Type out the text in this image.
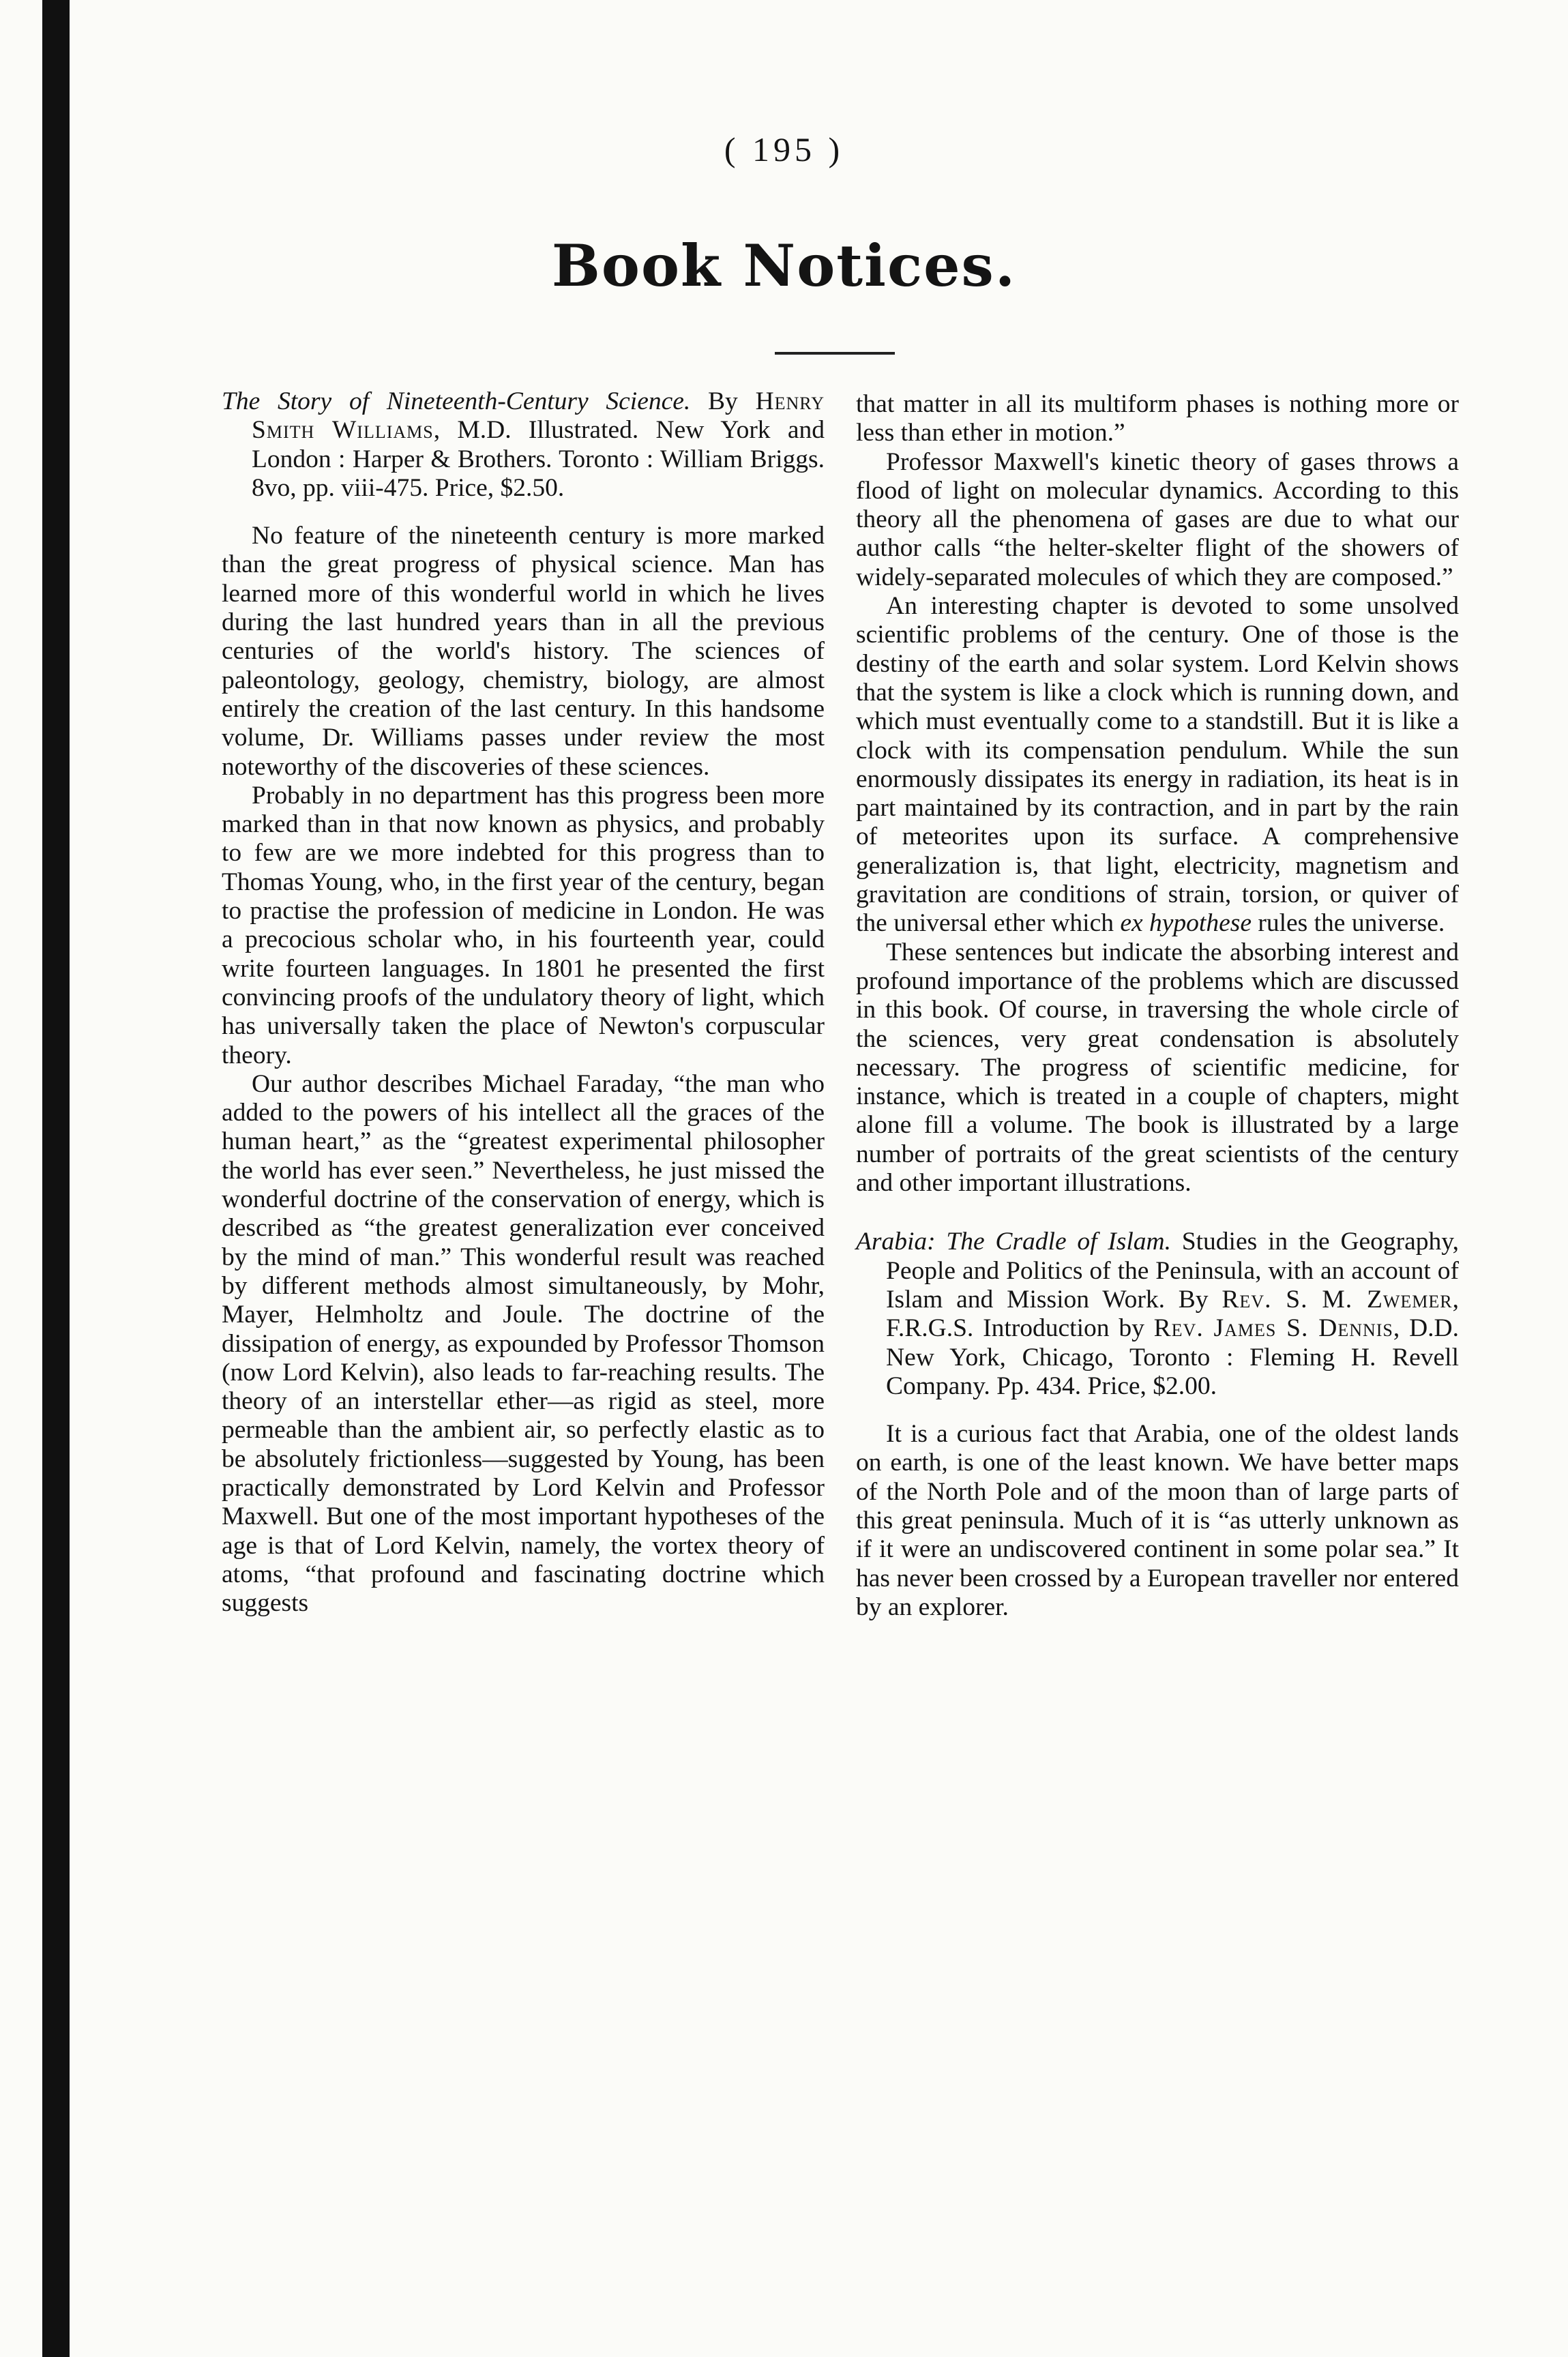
( 195 )
Book Notices.

The Story of Nineteenth-Century Science. By Henry Smith Williams, M.D. Illustrated. New York and London : Harper & Brothers. Toronto : William Briggs. 8vo, pp. viii-475. Price, $2.50.

No feature of the nineteenth century is more marked than the great progress of physical science. Man has learned more of this wonderful world in which he lives during the last hundred years than in all the previous centuries of the world's history. The sciences of paleontology, geology, chemistry, biology, are almost entirely the creation of the last century. In this handsome volume, Dr. Williams passes under review the most noteworthy of the discoveries of these sciences.

Probably in no department has this progress been more marked than in that now known as physics, and probably to few are we more indebted for this progress than to Thomas Young, who, in the first year of the century, began to practise the profession of medicine in London. He was a precocious scholar who, in his fourteenth year, could write fourteen languages. In 1801 he presented the first convincing proofs of the undulatory theory of light, which has universally taken the place of Newton's corpuscular theory.

Our author describes Michael Faraday, “the man who added to the powers of his intellect all the graces of the human heart,” as the “greatest experimental philosopher the world has ever seen.” Nevertheless, he just missed the wonderful doctrine of the conservation of energy, which is described as “the greatest generalization ever conceived by the mind of man.” This wonderful result was reached by different methods almost simultaneously, by Mohr, Mayer, Helmholtz and Joule. The doctrine of the dissipation of energy, as expounded by Professor Thomson (now Lord Kelvin), also leads to far-reaching results. The theory of an interstellar ether—as rigid as steel, more permeable than the ambient air, so perfectly elastic as to be absolutely frictionless—suggested by Young, has been practically demonstrated by Lord Kelvin and Professor Maxwell. But one of the most important hypotheses of the age is that of Lord Kelvin, namely, the vortex theory of atoms, “that profound and fascinating doctrine which suggests

that matter in all its multiform phases is nothing more or less than ether in motion.”

Professor Maxwell's kinetic theory of gases throws a flood of light on molecular dynamics. According to this theory all the phenomena of gases are due to what our author calls “the helter-skelter flight of the showers of widely-separated molecules of which they are composed.”

An interesting chapter is devoted to some unsolved scientific problems of the century. One of those is the destiny of the earth and solar system. Lord Kelvin shows that the system is like a clock which is running down, and which must eventually come to a standstill. But it is like a clock with its compensation pendulum. While the sun enormously dissipates its energy in radiation, its heat is in part maintained by its contraction, and in part by the rain of meteorites upon its surface. A comprehensive generalization is, that light, electricity, magnetism and gravitation are conditions of strain, torsion, or quiver of the universal ether which ex hypothese rules the universe.

These sentences but indicate the absorbing interest and profound importance of the problems which are discussed in this book. Of course, in traversing the whole circle of the sciences, very great condensation is absolutely necessary. The progress of scientific medicine, for instance, which is treated in a couple of chapters, might alone fill a volume. The book is illustrated by a large number of portraits of the great scientists of the century and other important illustrations.

Arabia: The Cradle of Islam. Studies in the Geography, People and Politics of the Peninsula, with an account of Islam and Mission Work. By Rev. S. M. Zwemer, F.R.G.S. Introduction by Rev. James S. Dennis, D.D. New York, Chicago, Toronto : Fleming H. Revell Company. Pp. 434. Price, $2.00.

It is a curious fact that Arabia, one of the oldest lands on earth, is one of the least known. We have better maps of the North Pole and of the moon than of large parts of this great peninsula. Much of it is “as utterly unknown as if it were an undiscovered continent in some polar sea.” It has never been crossed by a European traveller nor entered by an explorer.
